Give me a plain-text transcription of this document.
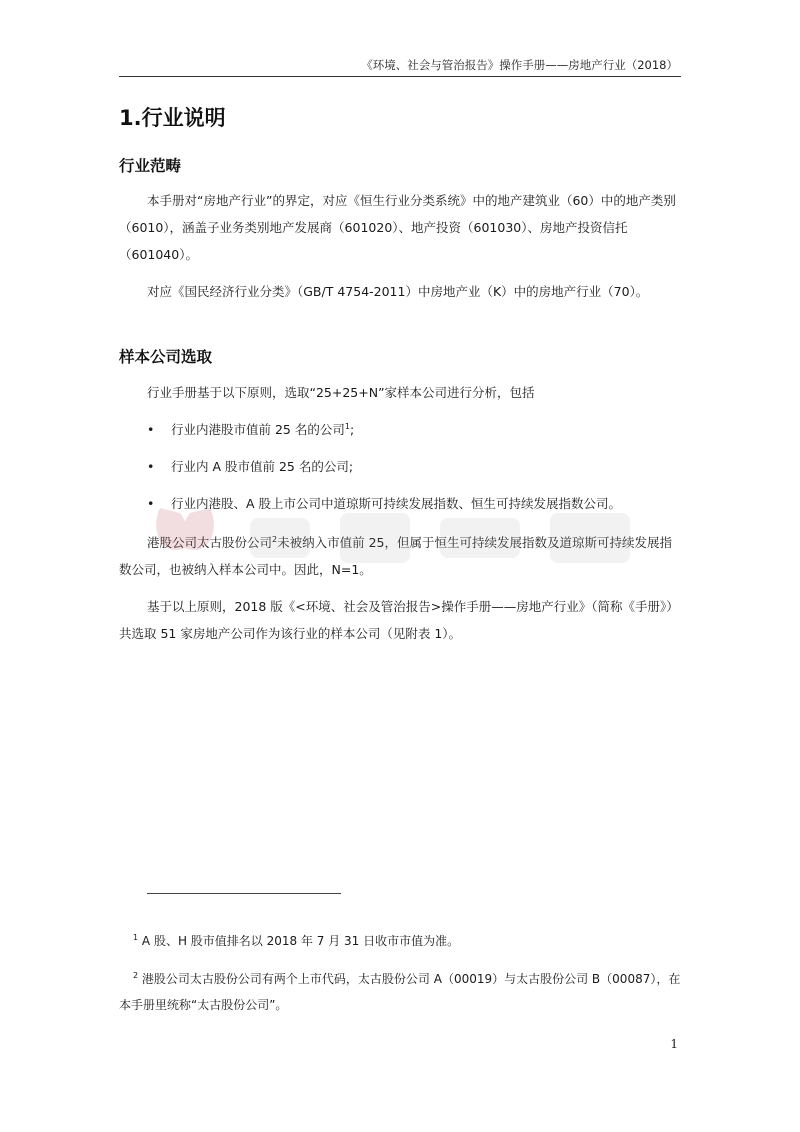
《环境、社会与管治报告》操作手册——房地产行业（2018）
1.行业说明
行业范畴

本手册对“房地产行业”的界定，对应《恒生行业分类系统》中的地产建筑业（60）中的地产类别（6010），涵盖子业务类别地产发展商（601020）、地产投资（601030）、房地产投资信托（601040）。

对应《国民经济行业分类》（GB/T 4754-2011）中房地产业（K）中的房地产行业（70）。

样本公司选取

行业手册基于以下原则，选取“25+25+N”家样本公司进行分析，包括

• 行业内港股市值前 25 名的公司$^1$;
• 行业内 A 股市值前 25 名的公司;
• 行业内港股、A 股上市公司中道琼斯可持续发展指数、恒生可持续发展指数公司。

港股公司太古股份公司$^2$未被纳入市值前 25，但属于恒生可持续发展指数及道琼斯可持续发展指数公司，也被纳入样本公司中。因此，N=1。

基于以上原则，2018 版《<环境、社会及管治报告>操作手册——房地产行业》（简称《手册》）共选取 51 家房地产公司作为该行业的样本公司（见附表 1）。

$^1$ A 股、H 股市值排名以 2018 年 7 月 31 日收市市值为准。

$^2$ 港股公司太古股份公司有两个上市代码，太古股份公司 A（00019）与太古股份公司 B（00087），在本手册里统称“太古股份公司”。

1
